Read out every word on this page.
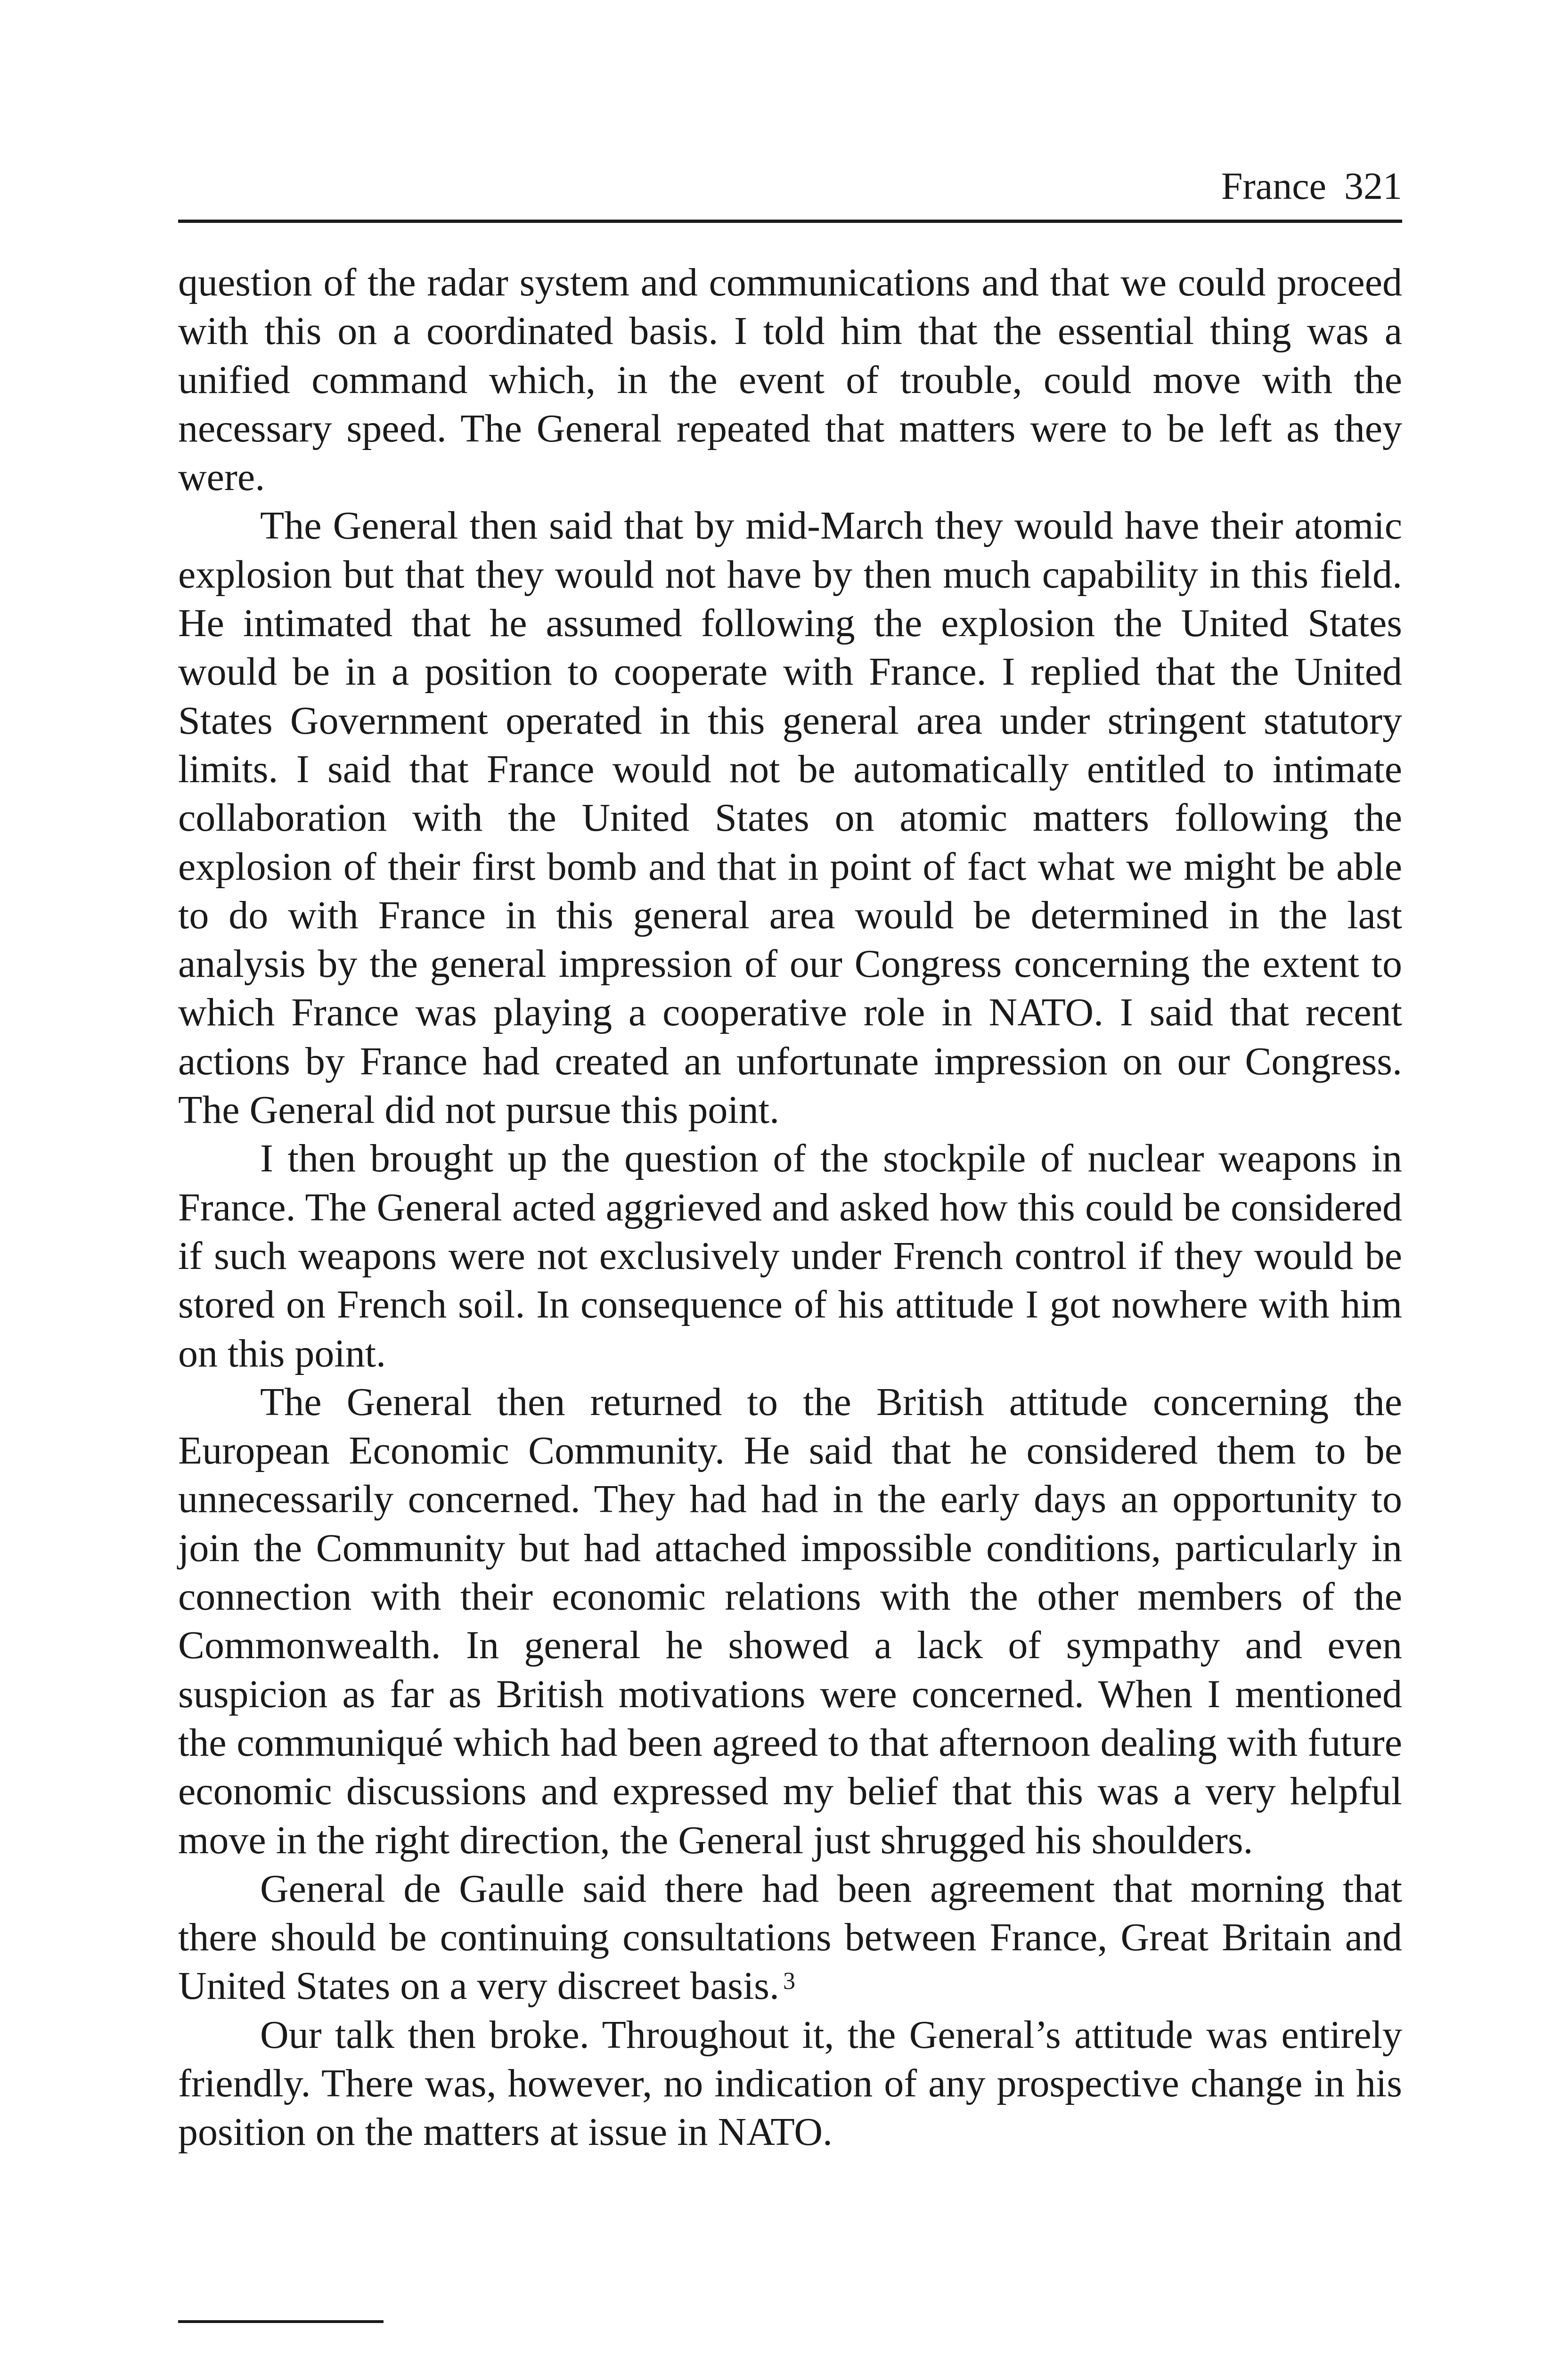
France 321

question of the radar system and communications and that we could proceed with this on a coordinated basis. I told him that the essential thing was a unified command which, in the event of trouble, could move with the necessary speed. The General repeated that matters were to be left as they were.

The General then said that by mid-March they would have their atomic explosion but that they would not have by then much capability in this field. He intimated that he assumed following the explosion the United States would be in a position to cooperate with France. I replied that the United States Government operated in this general area under stringent statutory limits. I said that France would not be automatically entitled to intimate collaboration with the United States on atomic matters following the explosion of their first bomb and that in point of fact what we might be able to do with France in this general area would be determined in the last analysis by the general impression of our Congress concerning the extent to which France was playing a cooperative role in NATO. I said that recent actions by France had created an unfortunate impression on our Congress. The General did not pursue this point.

I then brought up the question of the stockpile of nuclear weapons in France. The General acted aggrieved and asked how this could be considered if such weapons were not exclusively under French control if they would be stored on French soil. In consequence of his attitude I got nowhere with him on this point.

The General then returned to the British attitude concerning the European Economic Community. He said that he considered them to be unnecessarily concerned. They had had in the early days an opportunity to join the Community but had attached impossible conditions, particularly in connection with their economic relations with the other members of the Commonwealth. In general he showed a lack of sympathy and even suspicion as far as British motivations were concerned. When I mentioned the communiqué which had been agreed to that afternoon dealing with future economic discussions and expressed my belief that this was a very helpful move in the right direction, the General just shrugged his shoulders.

General de Gaulle said there had been agreement that morning that there should be continuing consultations between France, Great Britain and United States on a very discreet basis. $^3$

Our talk then broke. Throughout it, the General’s attitude was entirely friendly. There was, however, no indication of any prospective change in his position on the matters at issue in NATO.
